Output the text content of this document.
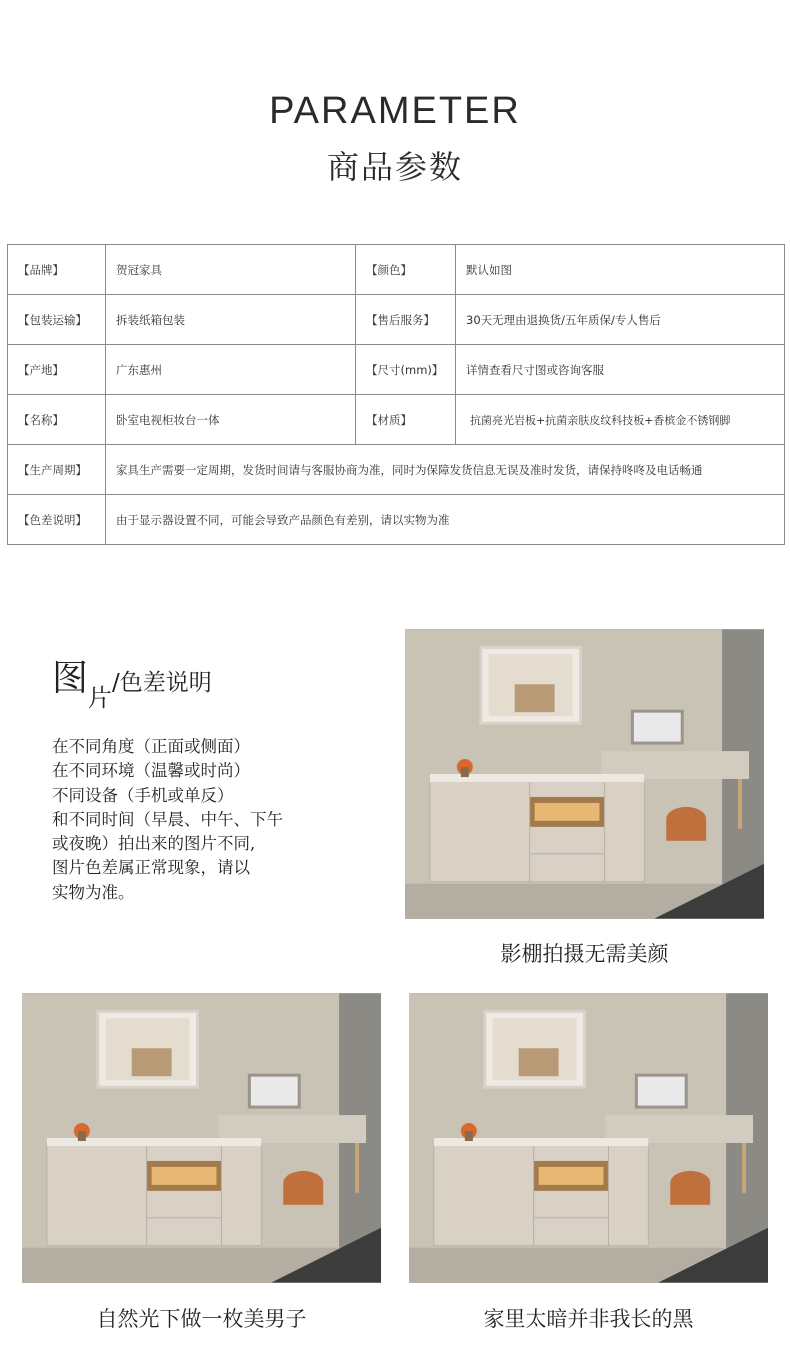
PARAMETER
商品参数
【品牌】	贺冠家具	【颜色】	默认如图
【包装运输】	拆装纸箱包装	【售后服务】	30天无理由退换货/五年质保/专人售后
【产地】	广东惠州	【尺寸(mm)】	详情查看尺寸图或咨询客服
【名称】	卧室电视柜妆台一体	【材质】	抗菌亮光岩板+抗菌亲肤皮纹科技板+香槟金不锈钢脚
【生产周期】	家具生产需要一定周期，发货时间请与客服协商为准，同时为保障发货信息无误及准时发货，请保持咚咚及电话畅通		
【色差说明】	由于显示器设置不同，可能会导致产品颜色有差别，请以实物为准		
图片/色差说明
在不同角度（正面或侧面）
在不同环境（温馨或时尚）
不同设备（手机或单反）
和不同时间（早晨、中午、下午
或夜晚）拍出来的图片不同,
图片色差属正常现象，请以
实物为准。
影棚拍摄无需美颜
自然光下做一枚美男子	家里太暗并非我长的黑
